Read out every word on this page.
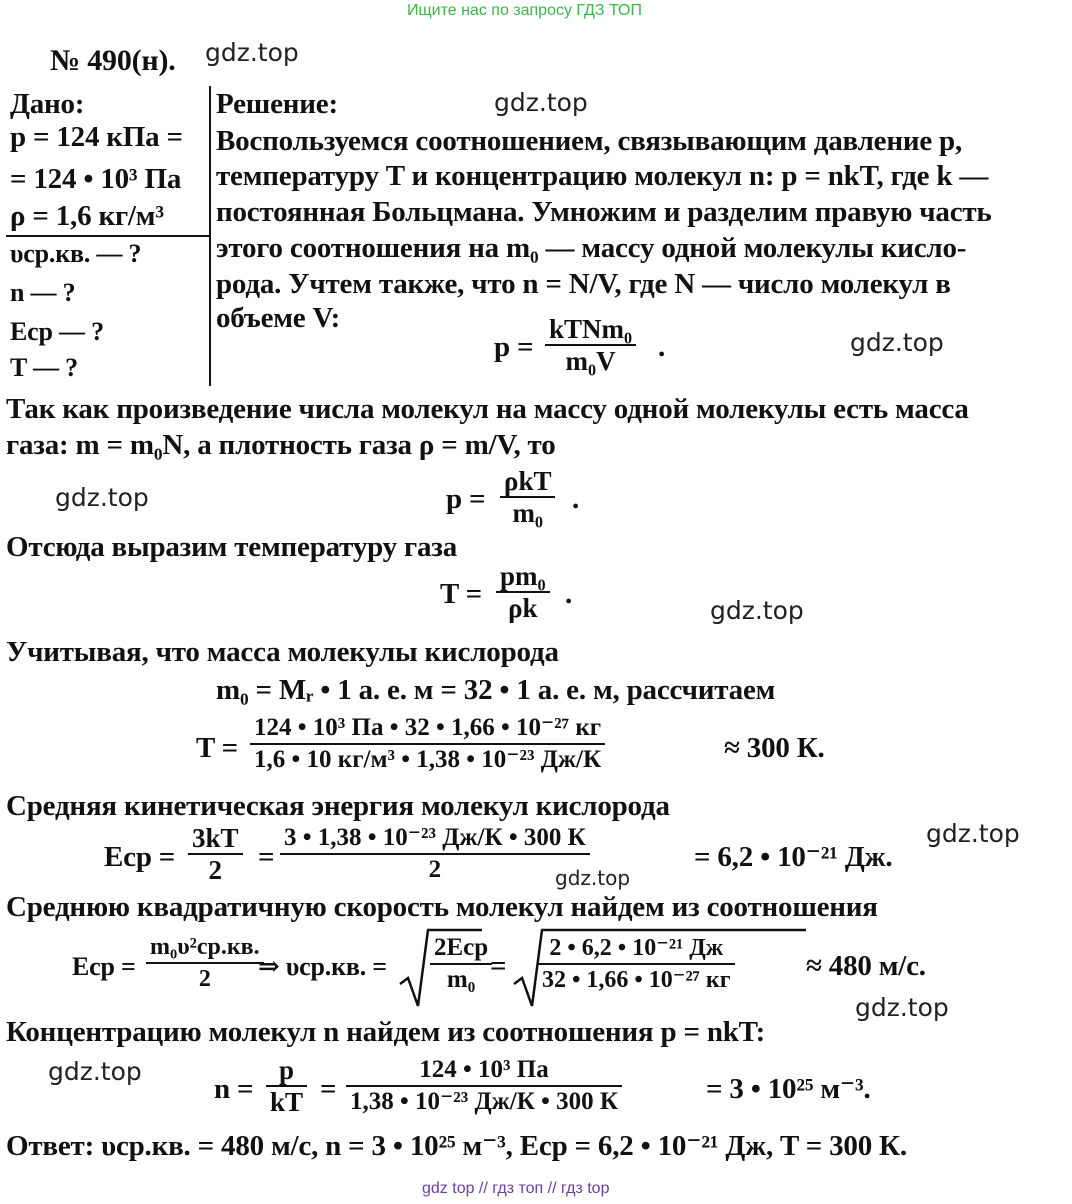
Ищите нас по запросу ГДЗ ТОП
gdz top // гдз топ // гдз top
gdz.top
gdz.top
gdz.top
gdz.top
gdz.top
gdz.top
gdz.top
gdz.top
gdz.top
№ 490(н).
Дано:
p = 124 кПа =
= 124 • 10³ Па
ρ = 1,6 кг/м³
υср.кв. — ?
n — ?
Eср — ?
T — ?
Решение:
Воспользуемся соотношением, связывающим давление p,
температуру T и концентрацию молекул n: p = nkT, где k —
постоянная Больцмана. Умножим и разделим правую часть
этого соотношения на m₀ — массу одной молекулы кисло-
рода. Учтем также, что n = N/V, где N — число молекул в
объеме V:
p =
kTNm₀
m₀V	.
Так как произведение числа молекул на массу одной молекулы есть масса
газа: m = m₀N, а плотность газа ρ = m/V, то
p =
ρkT
m₀ .
Отсюда выразим температуру газа
$T = \frac{\text{pm₀}}{\rho k}$ .
Учитывая, что масса молекулы кислорода
m₀ = Mᵣ • 1 а. е. м = 32 • 1 а. е. м, рассчитаем
T =
124 • 10³ Па • 32 • 1,66 • 10⁻²⁷ кг
1,6 • 10 кг/м³ • 1,38 • 10⁻²³ Дж/К	≈ 300 К.
Средняя кинетическая энергия молекул кислорода
Eср = $\frac{3kT}{2}$ =
3 • 1,38 • 10⁻²³ Дж/К • 300 К
2	= 6,2 • 10⁻²¹ Дж.
Среднюю квадратичную скорость молекул найдем из соотношения
Eср =
m₀υ²ср.кв.
2	⇒ υср.кв. =
2Eср
m₀ =
2 • 6,2 • 10⁻²¹ Дж
32 • 1,66 • 10⁻²⁷ кг	≈ 480 м/с.
Концентрацию молекул n найдем из соотношения p = nkT:
$n = \frac{p}{kT}$ =
124 • 10³ Па
1,38 • 10⁻²³ Дж/К • 300 К	= 3 • 10²⁵ м⁻³.
Ответ: υср.кв. = 480 м/с, n = 3 • 10²⁵ м⁻³, Eср = 6,2 • 10⁻²¹ Дж, T = 300 К.
